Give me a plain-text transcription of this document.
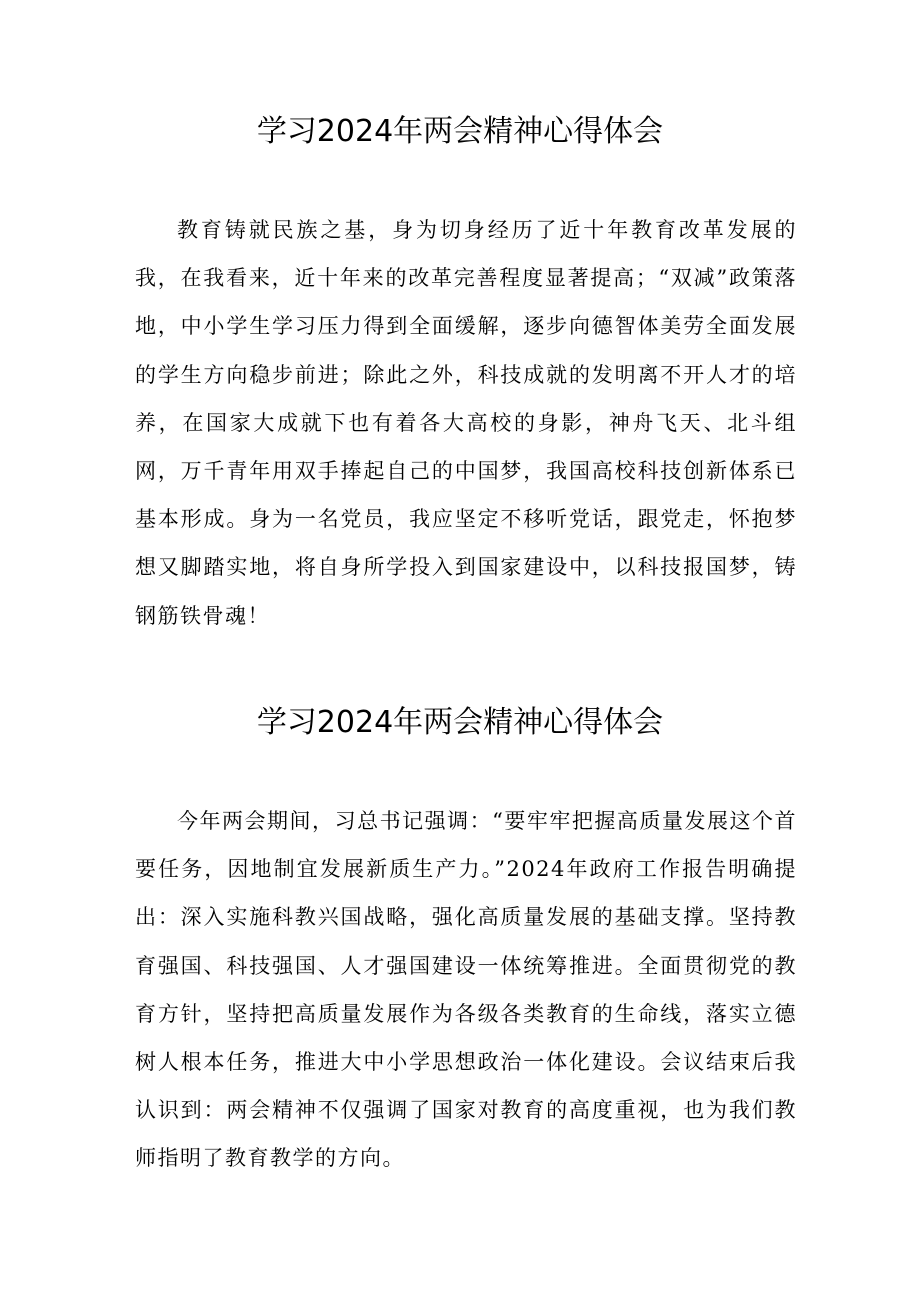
学习2024年两会精神心得体会

教育铸就民族之基，身为切身经历了近十年教育改革发展的我，在我看来，近十年来的改革完善程度显著提高；“双减”政策落地，中小学生学习压力得到全面缓解，逐步向德智体美劳全面发展的学生方向稳步前进；除此之外，科技成就的发明离不开人才的培养，在国家大成就下也有着各大高校的身影，神舟飞天、北斗组网，万千青年用双手捧起自己的中国梦，我国高校科技创新体系已基本形成。身为一名党员，我应坚定不移听党话，跟党走，怀抱梦想又脚踏实地，将自身所学投入到国家建设中，以科技报国梦，铸钢筋铁骨魂！

学习2024年两会精神心得体会

今年两会期间，习总书记强调：“要牢牢把握高质量发展这个首要任务，因地制宜发展新质生产力。”2024年政府工作报告明确提出：深入实施科教兴国战略，强化高质量发展的基础支撑。坚持教育强国、科技强国、人才强国建设一体统筹推进。全面贯彻党的教育方针，坚持把高质量发展作为各级各类教育的生命线，落实立德树人根本任务，推进大中小学思想政治一体化建设。会议结束后我认识到：两会精神不仅强调了国家对教育的高度重视，也为我们教师指明了教育教学的方向。
